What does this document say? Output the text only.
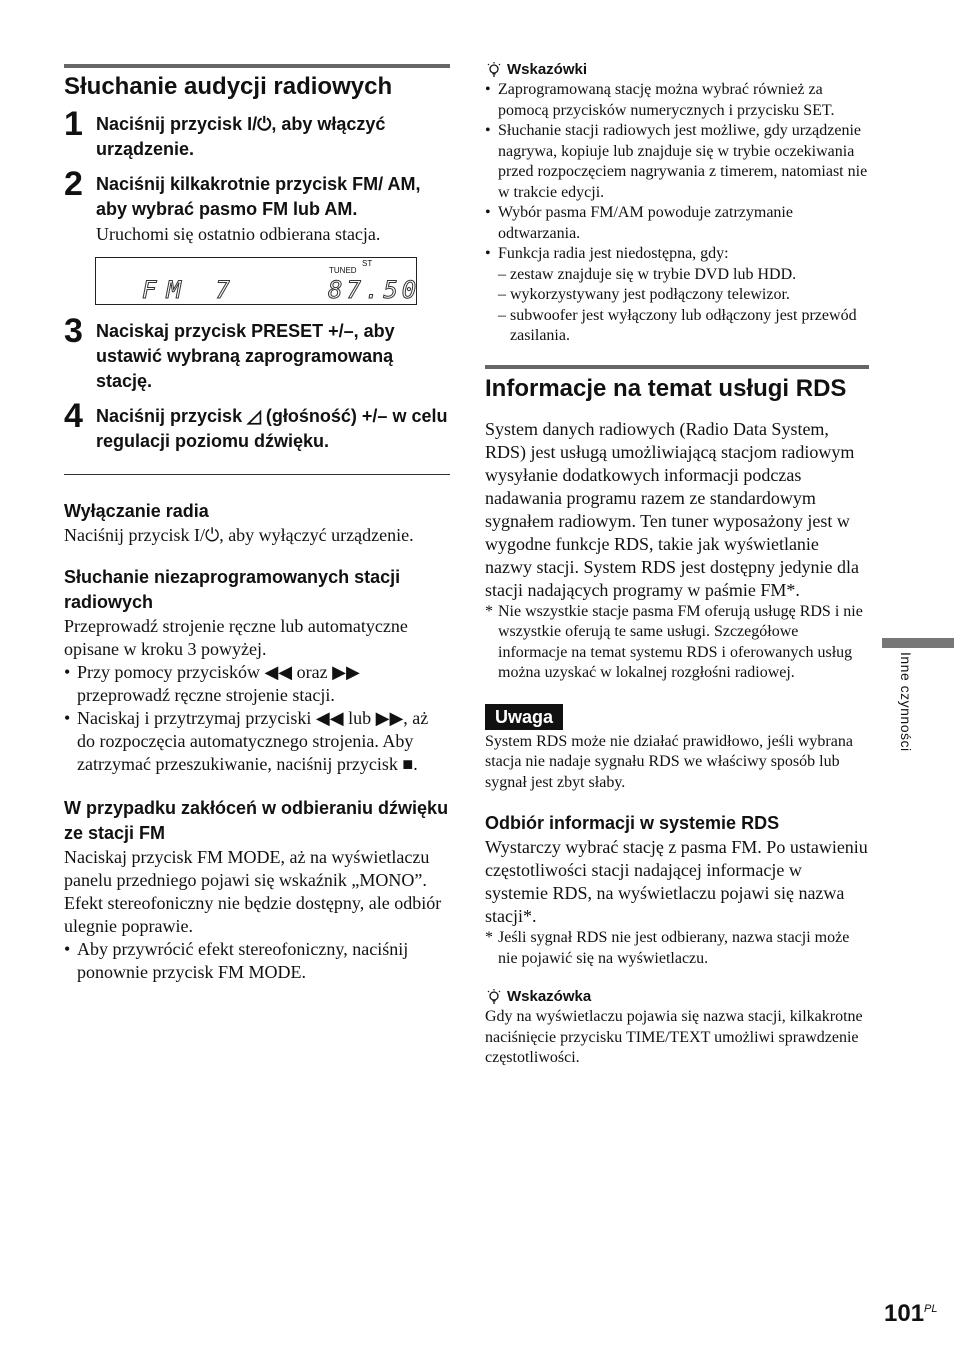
Słuchanie audycji radiowych
1 Naciśnij przycisk I/⏻, aby włączyć urządzenie.
2 Naciśnij kilkakrotnie przycisk FM/ AM, aby wybrać pasmo FM lub AM.
Uruchomi się ostatnio odbierana stacja.
TUNED
ST
FM 7	87.50
3 Naciskaj przycisk PRESET +/–, aby ustawić wybraną zaprogramowaną stację.
4 Naciśnij przycisk ◿ (głośność) +/– w celu regulacji poziomu dźwięku.
Wyłączanie radia
Naciśnij przycisk I/⏻, aby wyłączyć urządzenie.
Słuchanie niezaprogramowanych stacji radiowych
Przeprowadź strojenie ręczne lub automatyczne opisane w kroku 3 powyżej.
• Przy pomocy przycisków ◀◀ oraz ▶▶ przeprowadź ręczne strojenie stacji.
• Naciskaj i przytrzymaj przyciski ◀◀ lub ▶▶, aż do rozpoczęcia automatycznego strojenia. Aby zatrzymać przeszukiwanie, naciśnij przycisk ■.
W przypadku zakłóceń w odbieraniu dźwięku ze stacji FM
Naciskaj przycisk FM MODE, aż na wyświetlaczu panelu przedniego pojawi się wskaźnik „MONO”. Efekt stereofoniczny nie będzie dostępny, ale odbiór ulegnie poprawie.
• Aby przywrócić efekt stereofoniczny, naciśnij ponownie przycisk FM MODE.
Wskazówki
• Zaprogramowaną stację można wybrać również za pomocą przycisków numerycznych i przycisku SET.
• Słuchanie stacji radiowych jest możliwe, gdy urządzenie nagrywa, kopiuje lub znajduje się w trybie oczekiwania przed rozpoczęciem nagrywania z timerem, natomiast nie w trakcie edycji.
• Wybór pasma FM/AM powoduje zatrzymanie odtwarzania.
• Funkcja radia jest niedostępna, gdy:
– zestaw znajduje się w trybie DVD lub HDD.
– wykorzystywany jest podłączony telewizor.
– subwoofer jest wyłączony lub odłączony jest przewód zasilania.
Informacje na temat usługi RDS
System danych radiowych (Radio Data System, RDS) jest usługą umożliwiającą stacjom radiowym wysyłanie dodatkowych informacji podczas nadawania programu razem ze standardowym sygnałem radiowym. Ten tuner wyposażony jest w wygodne funkcje RDS, takie jak wyświetlanie nazwy stacji. System RDS jest dostępny jedynie dla stacji nadających programy w paśmie FM*.
* Nie wszystkie stacje pasma FM oferują usługę RDS i nie wszystkie oferują te same usługi. Szczegółowe informacje na temat systemu RDS i oferowanych usług można uzyskać w lokalnej rozgłośni radiowej.
Uwaga
System RDS może nie działać prawidłowo, jeśli wybrana stacja nie nadaje sygnału RDS we właściwy sposób lub sygnał jest zbyt słaby.
Odbiór informacji w systemie RDS
Wystarczy wybrać stację z pasma FM. Po ustawieniu częstotliwości stacji nadającej informacje w systemie RDS, na wyświetlaczu pojawi się nazwa stacji*.
* Jeśli sygnał RDS nie jest odbierany, nazwa stacji może nie pojawić się na wyświetlaczu.
Wskazówka
Gdy na wyświetlaczu pojawia się nazwa stacji, kilkakrotne naciśnięcie przycisku TIME/TEXT umożliwi sprawdzenie częstotliwości.
Inne czynności
$101^{PL}$
